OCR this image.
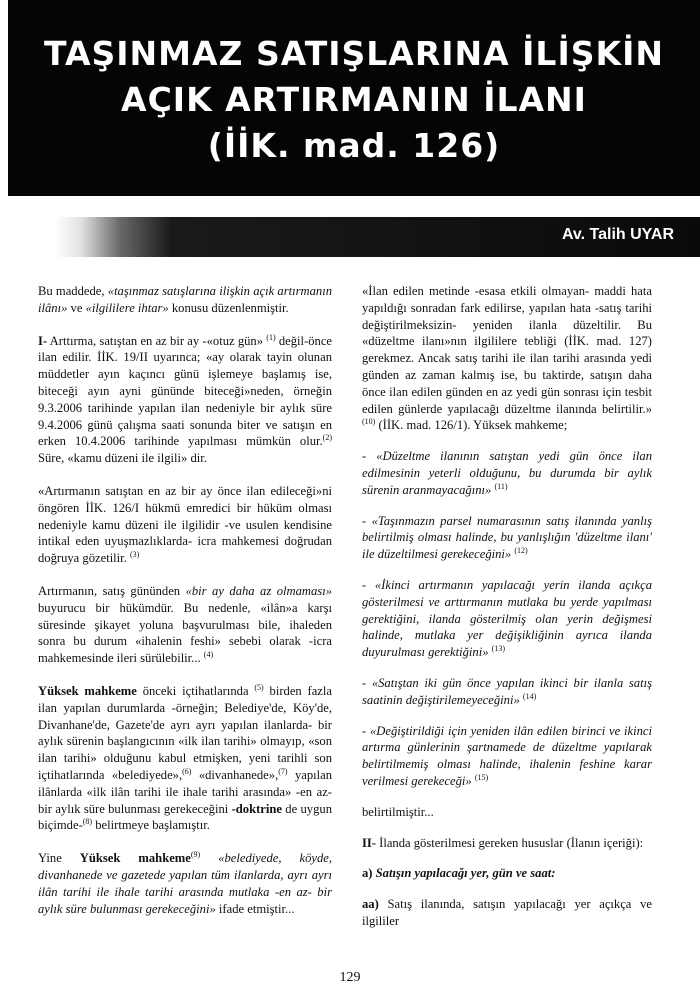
TAŞINMAZ SATIŞLARINA İLİŞKİN
AÇIK ARTIRMANIN İLANI
(İİK. mad. 126)
Av. Talih UYAR

Bu maddede, «taşınmaz satışlarına ilişkin açık artırmanın ilânı» ve «ilgililere ihtar» konusu düzenlenmiştir.

I- Arttırma, satıştan en az bir ay -«otuz gün» $^{(1)}$ değil-önce ilan edilir. İİK. 19/II uyarınca; «ay olarak tayin olunan müddetler ayın kaçıncı günü işlemeye başlamış ise, biteceği ayın ayni gününde biteceği»neden, örneğin 9.3.2006 tarihinde yapılan ilan nedeniyle bir aylık süre 9.4.2006 günü çalışma saati sonunda biter ve satışın en erken 10.4.2006 tarihinde yapılması mümkün olur.$^{(2)}$ Süre, «kamu düzeni ile ilgili» dir.

«Artırmanın satıştan en az bir ay önce ilan edileceği»ni öngören İİK. 126/I hükmü emredici bir hüküm olması nedeniyle kamu düzeni ile ilgilidir -ve usulen kendisine intikal eden uyuşmazlıklarda- icra mahkemesi doğrudan doğruya gözetilir. $^{(3)}$

Artırmanın, satış gününden «bir ay daha az olmaması» buyurucu bir hükümdür. Bu nedenle, «ilân»a karşı süresinde şikayet yoluna başvurulması bile, ihaleden sonra bu durum «ihalenin feshi» sebebi olarak -icra mahkemesinde ileri sürülebilir... $^{(4)}$

Yüksek mahkeme önceki içtihatlarında $^{(5)}$ birden fazla ilan yapılan durumlarda -örneğin; Belediye'de, Köy'de, Divanhane'de, Gazete'de ayrı ayrı yapılan ilanlarda- bir aylık sürenin başlangıcının «ilk ilan tarihi» olmayıp, «son ilan tarihi» olduğunu kabul etmişken, yeni tarihli son içtihatlarında «belediyede»,$^{(6)}$ «divanhanede»,$^{(7)}$ yapılan ilânlarda «ilk ilân tarihi ile ihale tarihi arasında» -en az- bir aylık süre bulunması gerekeceğini -doktrine de uygun biçimde-$^{(8)}$ belirtmeye başlamıştır.

Yine Yüksek mahkeme$^{(9)}$ «belediyede, köyde, divanhanede ve gazetede yapılan tüm ilanlarda, ayrı ayrı ilân tarihi ile ihale tarihi arasında mutlaka -en az- bir aylık süre bulunması gerekeceğini» ifade etmiştir...

«İlan edilen metinde -esasa etkili olmayan- maddi hata yapıldığı sonradan fark edilirse, yapılan hata -satış tarihi değiştirilmeksizin- yeniden ilanla düzeltilir. Bu «düzeltme ilanı»nın ilgililere tebliği (İİK. mad. 127) gerekmez. Ancak satış tarihi ile ilan tarihi arasında yedi günden az zaman kalmış ise, bu taktirde, satışın daha önce ilan edilen günden en az yedi gün sonrası için tesbit edilen günlerde yapılacağı düzeltme ilanında belirtilir.» $^{(10)}$ (İİK. mad. 126/1). Yüksek mahkeme;

- «Düzeltme ilanının satıştan yedi gün önce ilan edilmesinin yeterli olduğunu, bu durumda bir aylık sürenin aranmayacağını» $^{(11)}$

- «Taşınmazın parsel numarasının satış ilanında yanlış belirtilmiş olması halinde, bu yanlışlığın 'düzeltme ilanı' ile düzeltilmesi gerekeceğini» $^{(12)}$

- «İkinci artırmanın yapılacağı yerin ilanda açıkça gösterilmesi ve arttırmanın mutlaka bu yerde yapılması gerektiğini, ilanda gösterilmiş olan yerin değişmesi halinde, mutlaka yer değişikliğinin ayrıca ilanda duyurulması gerektiğini» $^{(13)}$

- «Satıştan iki gün önce yapılan ikinci bir ilanla satış saatinin değiştirilemeyeceğini» $^{(14)}$

- «Değiştirildiği için yeniden ilân edilen birinci ve ikinci artırma günlerinin şartnamede de düzeltme yapılarak belirtilmemiş olması halinde, ihalenin feshine karar verilmesi gerekeceği» $^{(15)}$

belirtilmiştir...

II- İlanda gösterilmesi gereken hususlar (İlanın içeriği):

a) Satışın yapılacağı yer, gün ve saat:

aa) Satış ilanında, satışın yapılacağı yer açıkça ve ilgililer

129
